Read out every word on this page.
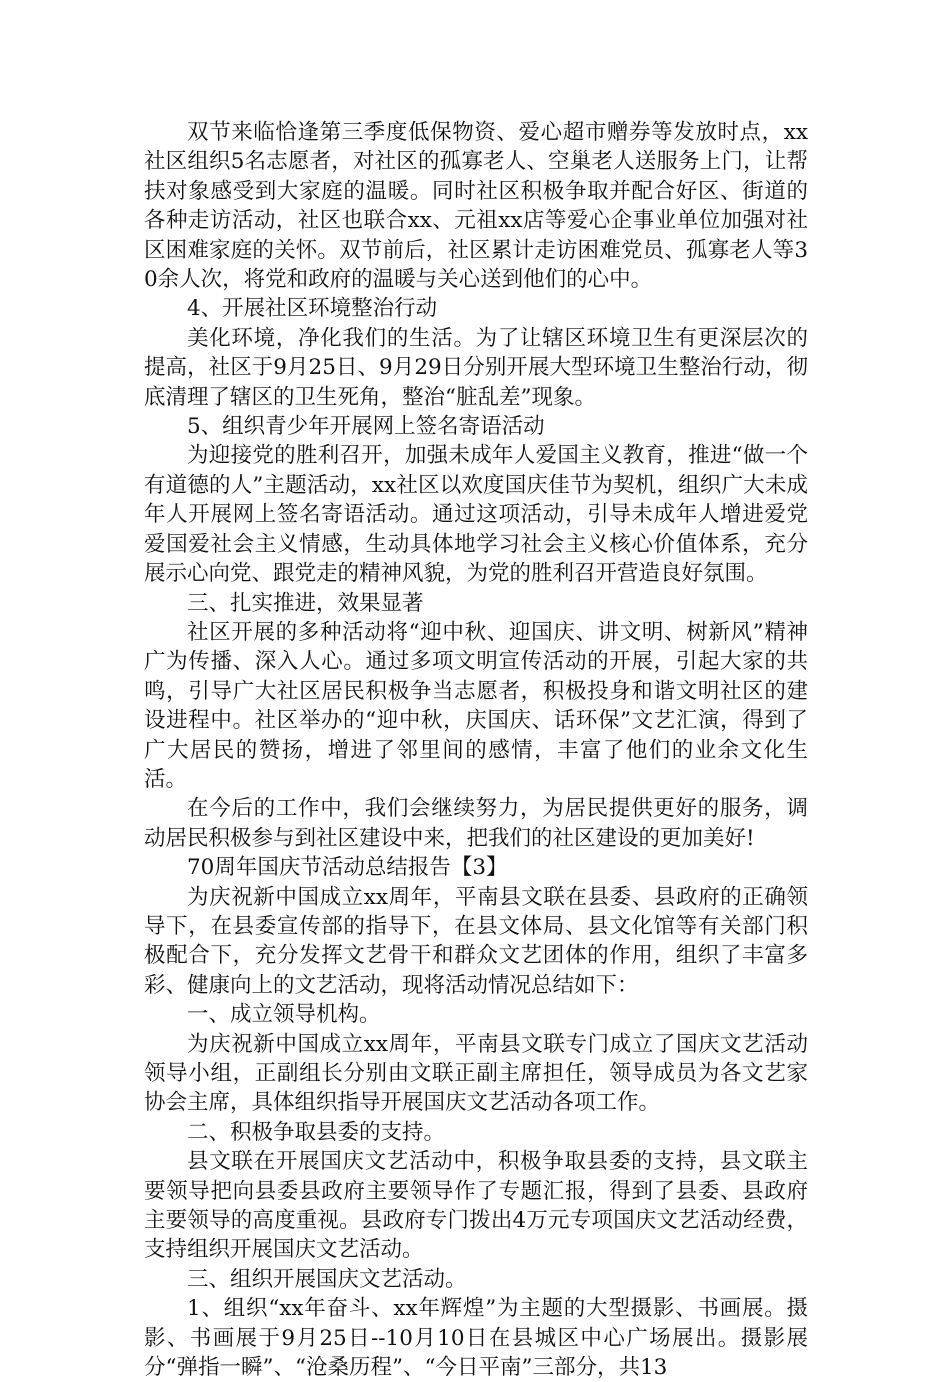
双节来临恰逢第三季度低保物资、爱心超市赠券等发放时点，xx社区组织5名志愿者，对社区的孤寡老人、空巢老人送服务上门，让帮扶对象感受到大家庭的温暖。同时社区积极争取并配合好区、街道的各种走访活动，社区也联合xx、元祖xx店等爱心企事业单位加强对社区困难家庭的关怀。双节前后，社区累计走访困难党员、孤寡老人等30余人次，将党和政府的温暖与关心送到他们的心中。

4、开展社区环境整治行动

美化环境，净化我们的生活。为了让辖区环境卫生有更深层次的提高，社区于9月25日、9月29日分别开展大型环境卫生整治行动，彻底清理了辖区的卫生死角，整治“脏乱差”现象。

5、组织青少年开展网上签名寄语活动

为迎接党的胜利召开，加强未成年人爱国主义教育，推进“做一个有道德的人”主题活动，xx社区以欢度国庆佳节为契机，组织广大未成年人开展网上签名寄语活动。通过这项活动，引导未成年人增进爱党爱国爱社会主义情感，生动具体地学习社会主义核心价值体系，充分展示心向党、跟党走的精神风貌，为党的胜利召开营造良好氛围。

三、扎实推进，效果显著

社区开展的多种活动将“迎中秋、迎国庆、讲文明、树新风”精神广为传播、深入人心。通过多项文明宣传活动的开展，引起大家的共鸣，引导广大社区居民积极争当志愿者，积极投身和谐文明社区的建设进程中。社区举办的“迎中秋，庆国庆、话环保”文艺汇演，得到了广大居民的赞扬，增进了邻里间的感情，丰富了他们的业余文化生活。

在今后的工作中，我们会继续努力，为居民提供更好的服务，调动居民积极参与到社区建设中来，把我们的社区建设的更加美好!

70周年国庆节活动总结报告【3】

为庆祝新中国成立xx周年，平南县文联在县委、县政府的正确领导下，在县委宣传部的指导下，在县文体局、县文化馆等有关部门积极配合下，充分发挥文艺骨干和群众文艺团体的作用，组织了丰富多彩、健康向上的文艺活动，现将活动情况总结如下：

一、成立领导机构。

为庆祝新中国成立xx周年，平南县文联专门成立了国庆文艺活动领导小组，正副组长分别由文联正副主席担任，领导成员为各文艺家协会主席，具体组织指导开展国庆文艺活动各项工作。

二、积极争取县委的支持。

县文联在开展国庆文艺活动中，积极争取县委的支持，县文联主要领导把向县委县政府主要领导作了专题汇报，得到了县委、县政府主要领导的高度重视。县政府专门拨出4万元专项国庆文艺活动经费，支持组织开展国庆文艺活动。

三、组织开展国庆文艺活动。

1、组织“xx年奋斗、xx年辉煌”为主题的大型摄影、书画展。摄影、书画展于9月25日--10月10日在县城区中心广场展出。摄影展分“弹指一瞬”、“沧桑历程”、“今日平南”三部分，共13
